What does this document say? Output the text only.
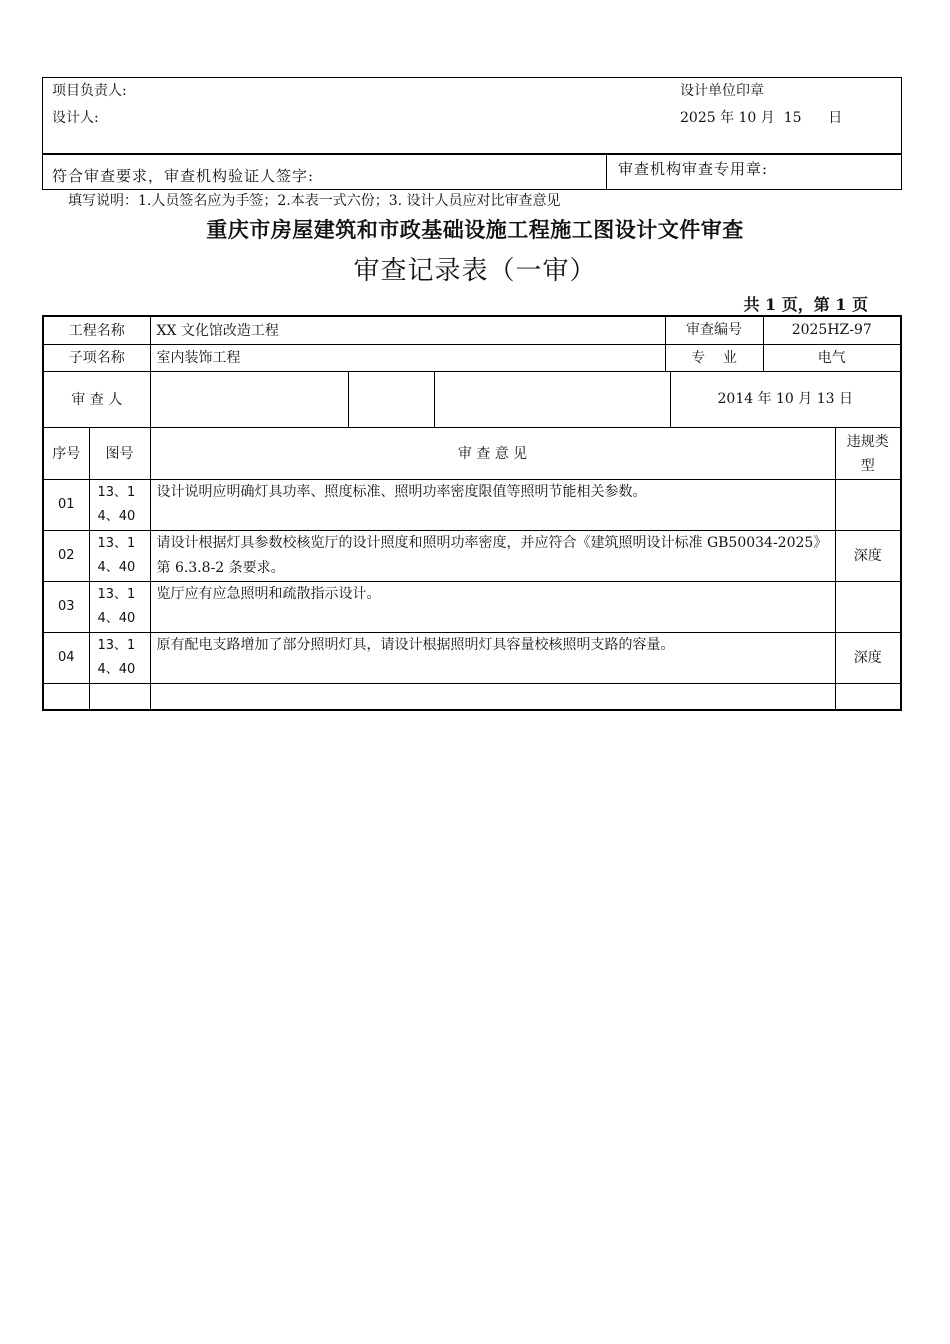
项目负责人:	设计单位印章
设计人:	2025 年 10 月  15      日
符合审查要求，审查机构验证人签字:	审查机构审查专用章:
填写说明：1.人员签名应为手签；2.本表一式六份；3. 设计人员应对比审查意见
重庆市房屋建筑和市政基础设施工程施工图设计文件审查
审查记录表（一审）
共 1 页，第 1 页
工程名称		XX 文化馆改造工程	审查编号 2025HZ-97	

子项名称		室内装饰工程	专    业 电气	

审 查 人		2014 年 10 月 13 日		

序号	图号	审 查 意 见		违规类型
01	13、14、40	设计说明应明确灯具功率、照度标准、照明功率密度限值等照明节能相关参数。		
02	13、14、40	请设计根据灯具参数校核览厅的设计照度和照明功率密度，并应符合《建筑照明设计标准 GB50034-2025》第 6.3.8-2 条要求。		深度
03	13、14、40	览厅应有应急照明和疏散指示设计。		
04	13、14、40	原有配电支路增加了部分照明灯具，请设计根据照明灯具容量校核照明支路的容量。		深度
